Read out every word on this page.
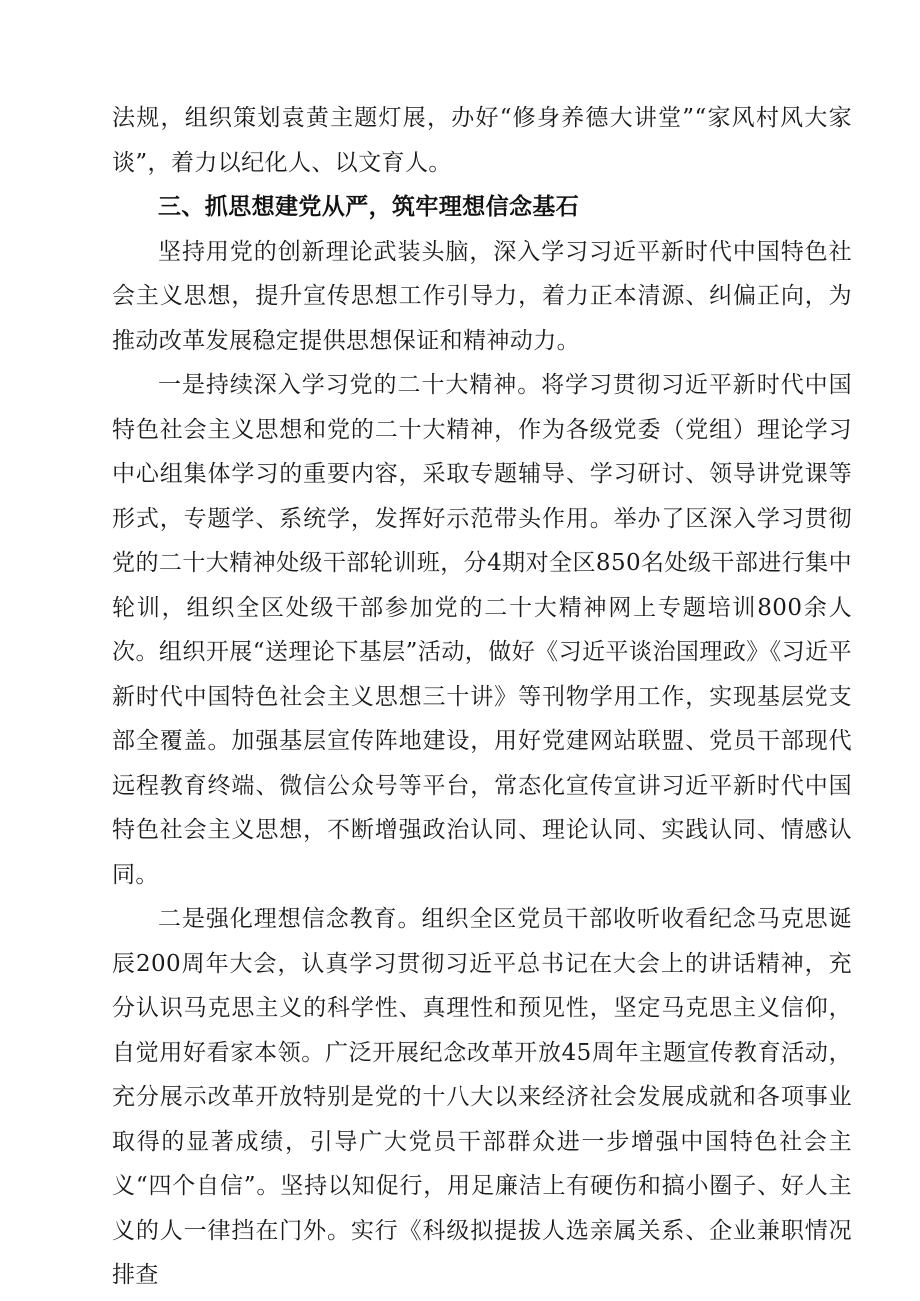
法规，组织策划袁黄主题灯展，办好“修身养德大讲堂”“家风村风大家谈”，着力以纪化人、以文育人。

三、抓思想建党从严，筑牢理想信念基石

坚持用党的创新理论武装头脑，深入学习习近平新时代中国特色社会主义思想，提升宣传思想工作引导力，着力正本清源、纠偏正向，为推动改革发展稳定提供思想保证和精神动力。

一是持续深入学习党的二十大精神。将学习贯彻习近平新时代中国特色社会主义思想和党的二十大精神，作为各级党委（党组）理论学习中心组集体学习的重要内容，采取专题辅导、学习研讨、领导讲党课等形式，专题学、系统学，发挥好示范带头作用。举办了区深入学习贯彻党的二十大精神处级干部轮训班，分4期对全区850名处级干部进行集中轮训，组织全区处级干部参加党的二十大精神网上专题培训800余人次。组织开展“送理论下基层”活动，做好《习近平谈治国理政》《习近平新时代中国特色社会主义思想三十讲》等刊物学用工作，实现基层党支部全覆盖。加强基层宣传阵地建设，用好党建网站联盟、党员干部现代远程教育终端、微信公众号等平台，常态化宣传宣讲习近平新时代中国特色社会主义思想，不断增强政治认同、理论认同、实践认同、情感认同。

二是强化理想信念教育。组织全区党员干部收听收看纪念马克思诞辰200周年大会，认真学习贯彻习近平总书记在大会上的讲话精神，充分认识马克思主义的科学性、真理性和预见性，坚定马克思主义信仰，自觉用好看家本领。广泛开展纪念改革开放45周年主题宣传教育活动，充分展示改革开放特别是党的十八大以来经济社会发展成就和各项事业取得的显著成绩，引导广大党员干部群众进一步增强中国特色社会主义“四个自信”。坚持以知促行，用足廉洁上有硬伤和搞小圈子、好人主义的人一律挡在门外。实行《科级拟提拔人选亲属关系、企业兼职情况排查
